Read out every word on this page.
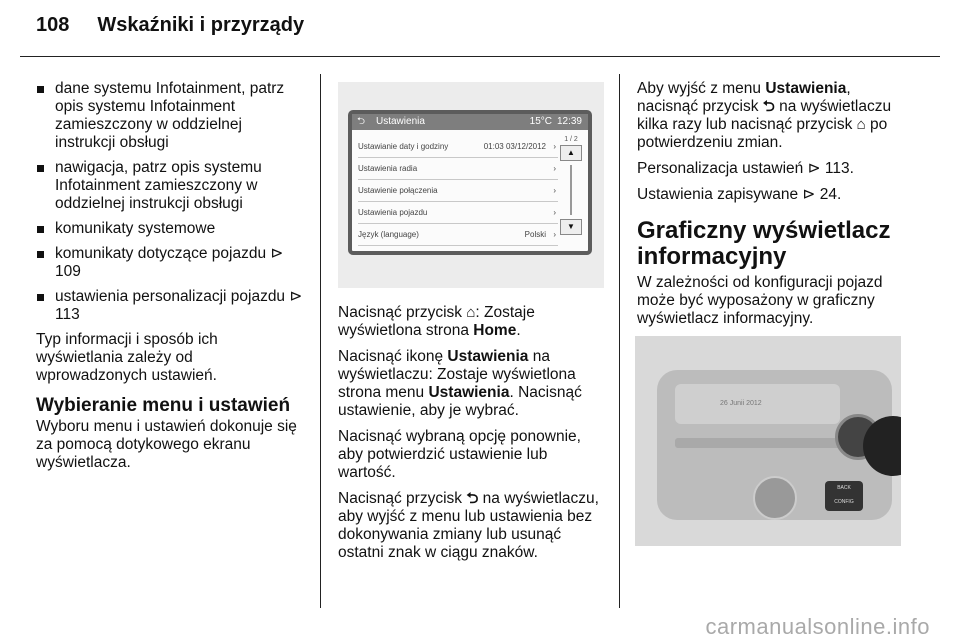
108 Wskaźniki i przyrządy
dane systemu Infotainment, patrz opis systemu Infotainment zamieszczony w oddzielnej instrukcji obsługi
nawigacja, patrz opis systemu Infotainment zamieszczony w oddzielnej instrukcji obsługi
komunikaty systemowe
komunikaty dotyczące pojazdu ⊳ 109
ustawienia personalizacji pojazdu ⊳ 113

Typ informacji i sposób ich wyświetlania zależy od wprowadzonych ustawień.

Wybieranie menu i ustawień

Wyboru menu i ustawień dokonuje się za pomocą dotykowego ekranu wyświetlacza.

⮌ Ustawienia	15°C 12:39
Ustawianie daty i godziny	01:03 03/12/2012 ›
Ustawienia radia	›
Ustawienie połączenia	›
Ustawienia pojazdu	›
Język (language)	Polski ›
1 / 2
▲
▼

Nacisnąć przycisk ⌂: Zostaje wyświetlona strona Home.

Nacisnąć ikonę Ustawienia na wyświetlaczu: Zostaje wyświetlona strona menu Ustawienia. Nacisnąć ustawienie, aby je wybrać.

Nacisnąć wybraną opcję ponownie, aby potwierdzić ustawienie lub wartość.

Nacisnąć przycisk ⮌ na wyświetlaczu, aby wyjść z menu lub ustawienia bez dokonywania zmiany lub usunąć ostatni znak w ciągu znaków.

Aby wyjść z menu Ustawienia, nacisnąć przycisk ⮌ na wyświetlaczu kilka razy lub nacisnąć przycisk ⌂ po potwierdzeniu zmian.

Personalizacja ustawień ⊳ 113.

Ustawienia zapisywane ⊳ 24.

Graficzny wyświetlacz informacyjny

W zależności od konfiguracji pojazd może być wyposażony w graficzny wyświetlacz informacyjny.

26 Junii 2012
BACK
CONFIG
carmanualsonline.info
